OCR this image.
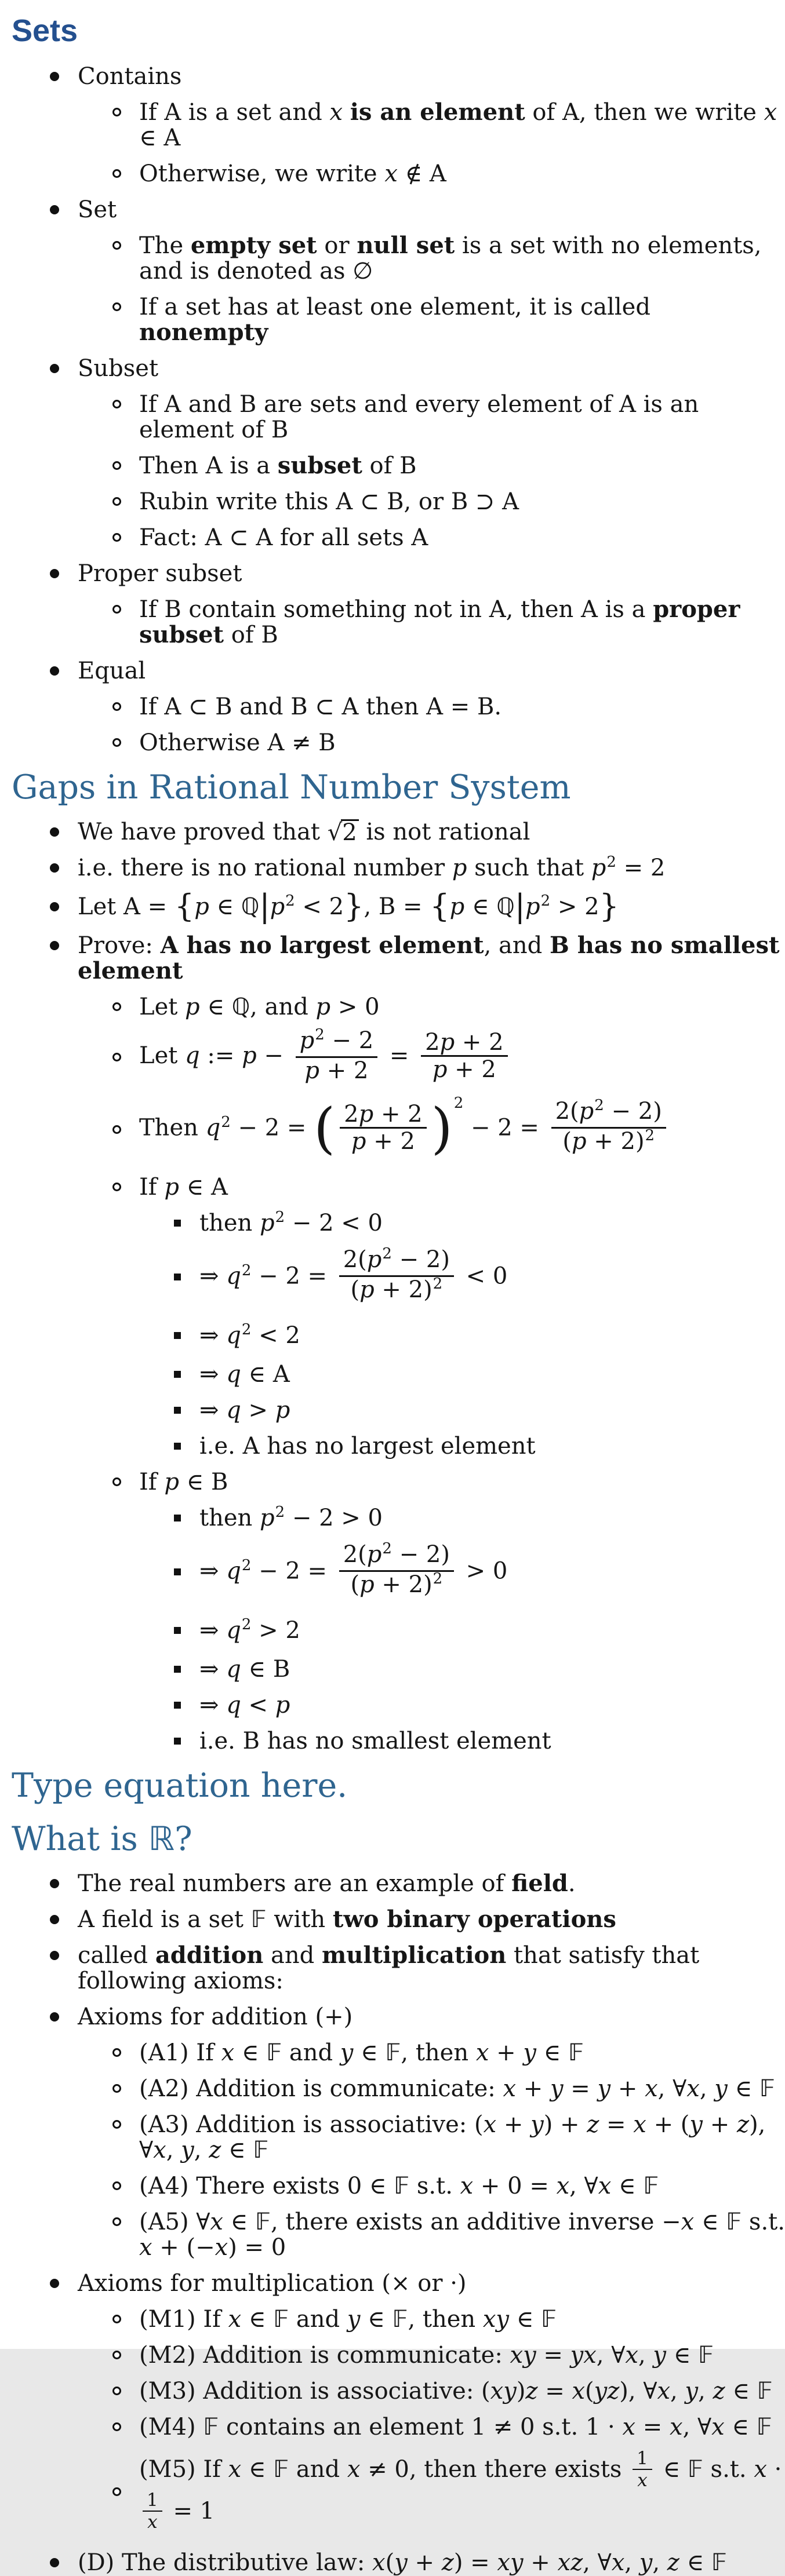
Sets
Contains
If A is a set and x is an element of A, then we write x ∈ A
Otherwise, we write x ∉ A
Set
The empty set or null set is a set with no elements, and is denoted as ∅
If a set has at least one element, it is called nonempty
Subset
If A and B are sets and every element of A is an element of B
Then A is a subset of B
Rubin write this A ⊂ B, or B ⊃ A
Fact: A ⊂ A for all sets A
Proper subset
If B contain something not in A, then A is a proper subset of B
Equal
If A ⊂ B and B ⊂ A then A = B.
Otherwise A ≠ B
Gaps in Rational Number System
We have proved that √ 2 is not rational
i.e. there is no rational number p such that $p^2 = 2$
Let A = {p ∈ $ℚ|p^2 < 2$}, B = {p ∈ $ℚ|p^2 > 2$}
Prove: A has no largest element, and B has no smallest element
Let p ∈ ℚ, and p > 0
Let q := $p - \frac{p^2 - 2}{p + 2} = \frac{2p + 2}{p + 2}$
Then $q^2 - 2$ = ( $\frac{2p + 2}{p + 2} )^2 - 2 = \frac{2(p^2 - 2)}{(p + 2)^2}$
If p ∈ A
then $p^2 - 2 < 0$
⇒ $q^2 - 2 = \frac{2(p^2 - 2)}{(p + 2)^2} < 0$
⇒ $q^2 < 2$
⇒ q ∈ A
⇒ q > p
i.e. A has no largest element
If p ∈ B
then $p^2 - 2 > 0$
⇒ $q^2 - 2 = \frac{2(p^2 - 2)}{(p + 2)^2} > 0$
⇒ $q^2 > 2$
⇒ q ∈ B
⇒ q < p
i.e. B has no smallest element
Type equation here.
What is ℝ?
The real numbers are an example of field.
A field is a set 𝔽 with two binary operations
called addition and multiplication that satisfy that following axioms:
Axioms for addition (+)
(A1) If x ∈ 𝔽 and y ∈ 𝔽, then x + y ∈ 𝔽
(A2) Addition is communicate: x + y = y + x, ∀x, y ∈ 𝔽
(A3) Addition is associative: (x + y) + z = x + (y + z), ∀x, y, z ∈ 𝔽
(A4) There exists 0 ∈ 𝔽 s.t. x + 0 = x, ∀x ∈ 𝔽
(A5) ∀x ∈ 𝔽, there exists an additive inverse −x ∈ 𝔽 s.t. x + (−x) = 0
Axioms for multiplication (× or ·)
(M1) If x ∈ 𝔽 and y ∈ 𝔽, then xy ∈ 𝔽
(M2) Addition is communicate: xy = yx, ∀x, y ∈ 𝔽
(M3) Addition is associative: (xy)z = x(yz), ∀x, y, z ∈ 𝔽
(M4) 𝔽 contains an element 1 ≠ 0 s.t. 1 · x = x, ∀x ∈ 𝔽
(M5) If x ∈ 𝔽 and x ≠ 0, then there exists $\frac{1}{x}$ ∈ 𝔽 s.t. x ·
$\frac{1}{x} = 1$
(D) The distributive law: x(y + z) = xy + xz, ∀x, y, z ∈ 𝔽
